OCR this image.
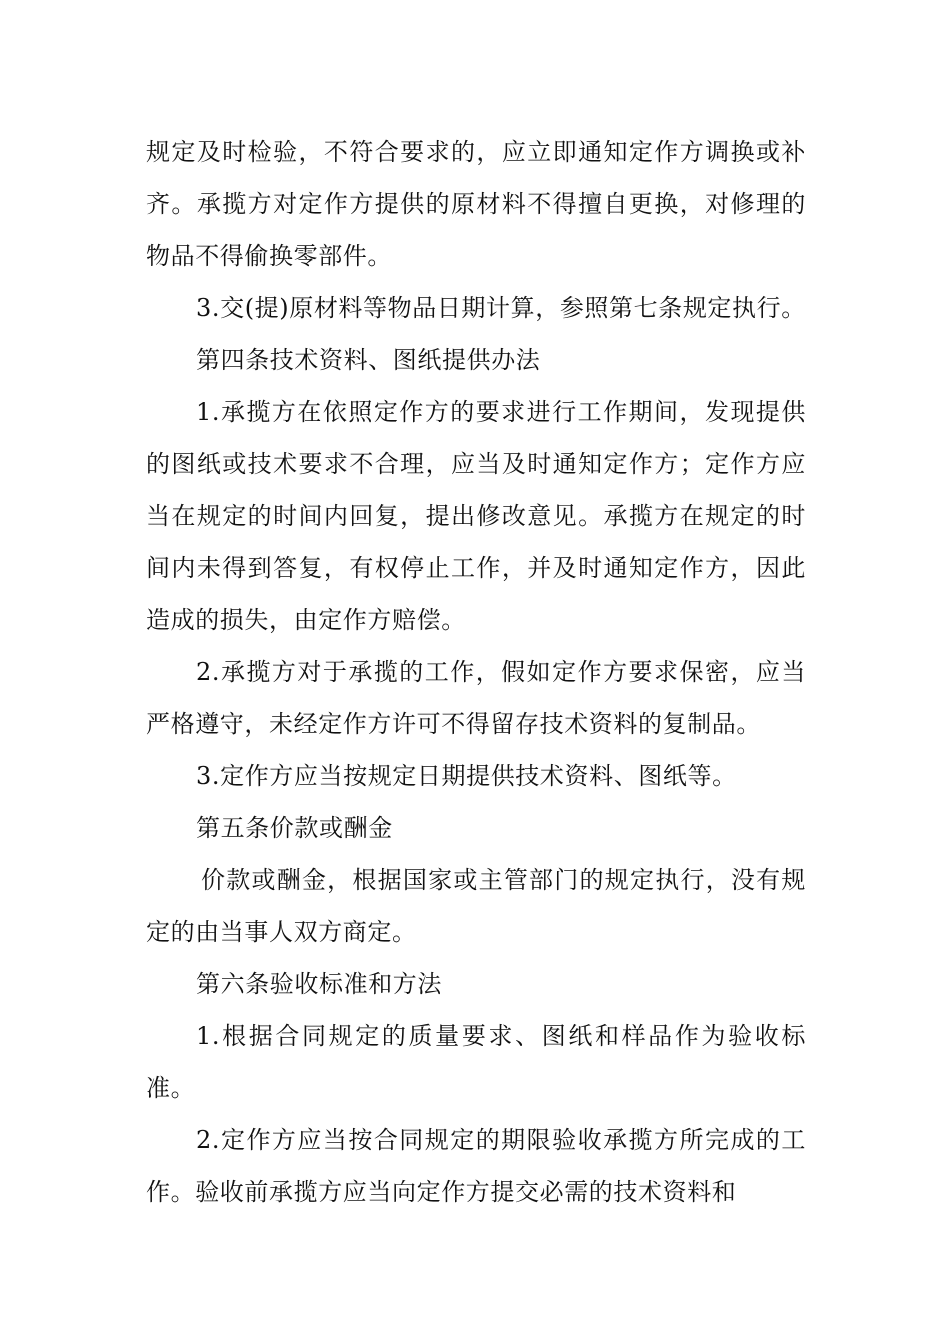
规定及时检验，不符合要求的，应立即通知定作方调换或补齐。承揽方对定作方提供的原材料不得擅自更换，对修理的物品不得偷换零部件。

3.交(提)原材料等物品日期计算，参照第七条规定执行。

第四条技术资料、图纸提供办法

1.承揽方在依照定作方的要求进行工作期间，发现提供的图纸或技术要求不合理，应当及时通知定作方；定作方应当在规定的时间内回复，提出修改意见。承揽方在规定的时间内未得到答复，有权停止工作，并及时通知定作方，因此造成的损失，由定作方赔偿。

2.承揽方对于承揽的工作，假如定作方要求保密，应当严格遵守，未经定作方许可不得留存技术资料的复制品。

3.定作方应当按规定日期提供技术资料、图纸等。

第五条价款或酬金

价款或酬金，根据国家或主管部门的规定执行，没有规定的由当事人双方商定。

第六条验收标准和方法

1.根据合同规定的质量要求、图纸和样品作为验收标准。

2.定作方应当按合同规定的期限验收承揽方所完成的工作。验收前承揽方应当向定作方提交必需的技术资料和
